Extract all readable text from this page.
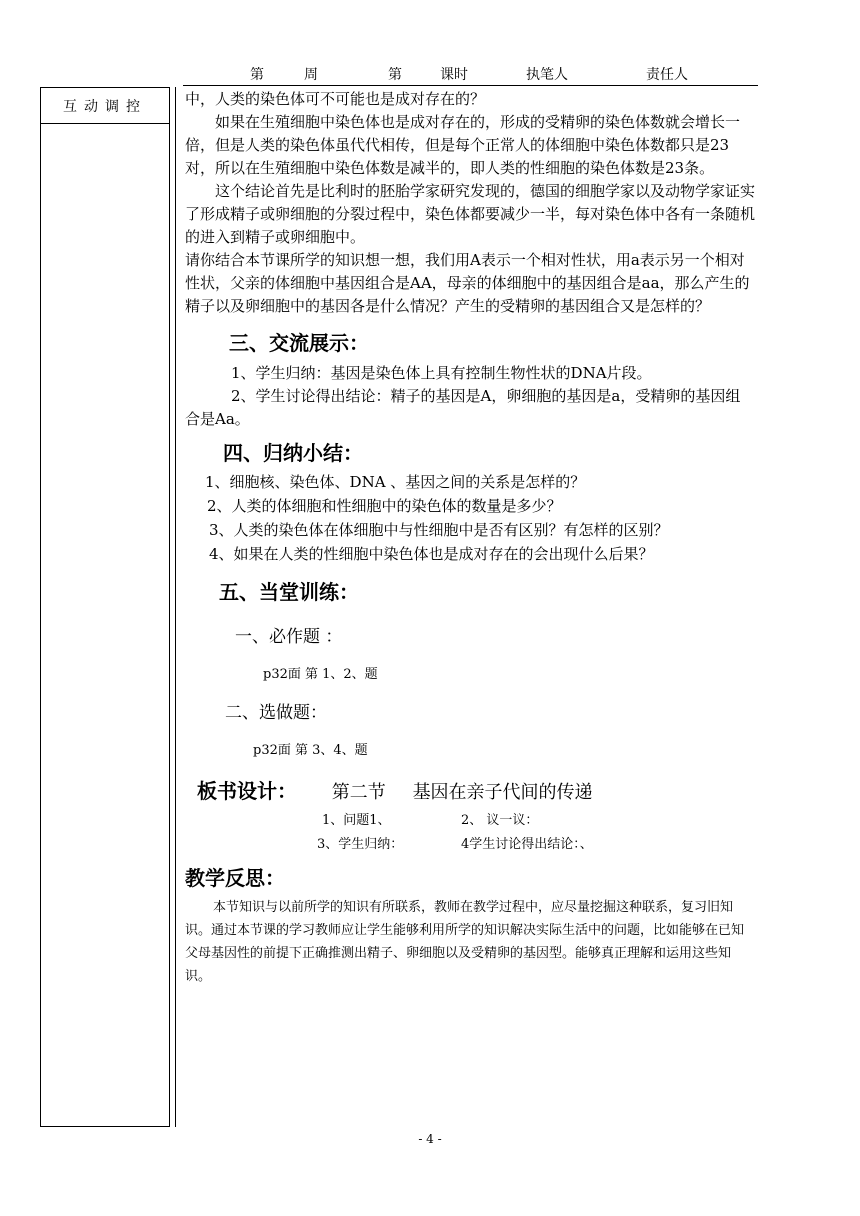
第	周	第	课时	执笔人	责任人
互动调控	中，人类的染色体可不可能也是成对存在的？

如果在生殖细胞中染色体也是成对存在的，形成的受精卵的染色体数就会增长一倍，但是人类的染色体虽代代相传，但是每个正常人的体细胞中染色体数都只是23对，所以在生殖细胞中染色体数是减半的，即人类的性细胞的染色体数是23条。

这个结论首先是比利时的胚胎学家研究发现的，德国的细胞学家以及动物学家证实了形成精子或卵细胞的分裂过程中，染色体都要减少一半，每对染色体中各有一条随机的进入到精子或卵细胞中。

请你结合本节课所学的知识想一想，我们用A表示一个相对性状，用a表示另一个相对性状，父亲的体细胞中基因组合是AA，母亲的体细胞中的基因组合是aa，那么产生的精子以及卵细胞中的基因各是什么情况？产生的受精卵的基因组合又是怎样的？

三、交流展示：

1、学生归纳：基因是染色体上具有控制生物性状的DNA片段。

2、学生讨论得出结论：精子的基因是A，卵细胞的基因是a，受精卵的基因组合是Aa。

四、归纳小结：

1、细胞核、染色体、DNA 、基因之间的关系是怎样的？

2、人类的体细胞和性细胞中的染色体的数量是多少？

3、人类的染色体在体细胞中与性细胞中是否有区别？有怎样的区别？

4、如果在人类的性细胞中染色体也是成对存在的会出现什么后果？

五、当堂训练：

一、必作题 ：

p32面 第 1、2、题

二、选做题：

p32面 第 3、4、题

板书设计： 第二节 基因在亲子代间的传递
1、问题1、	2、 议一议：
3、学生归纳：	4学生讨论得出结论：、
教学反思：

本节知识与以前所学的知识有所联系，教师在教学过程中，应尽量挖掘这种联系，复习旧知识。通过本节课的学习教师应让学生能够利用所学的知识解决实际生活中的问题，比如能够在已知父母基因性的前提下正确推测出精子、卵细胞以及受精卵的基因型。能够真正理解和运用这些知识。

- 4 -
